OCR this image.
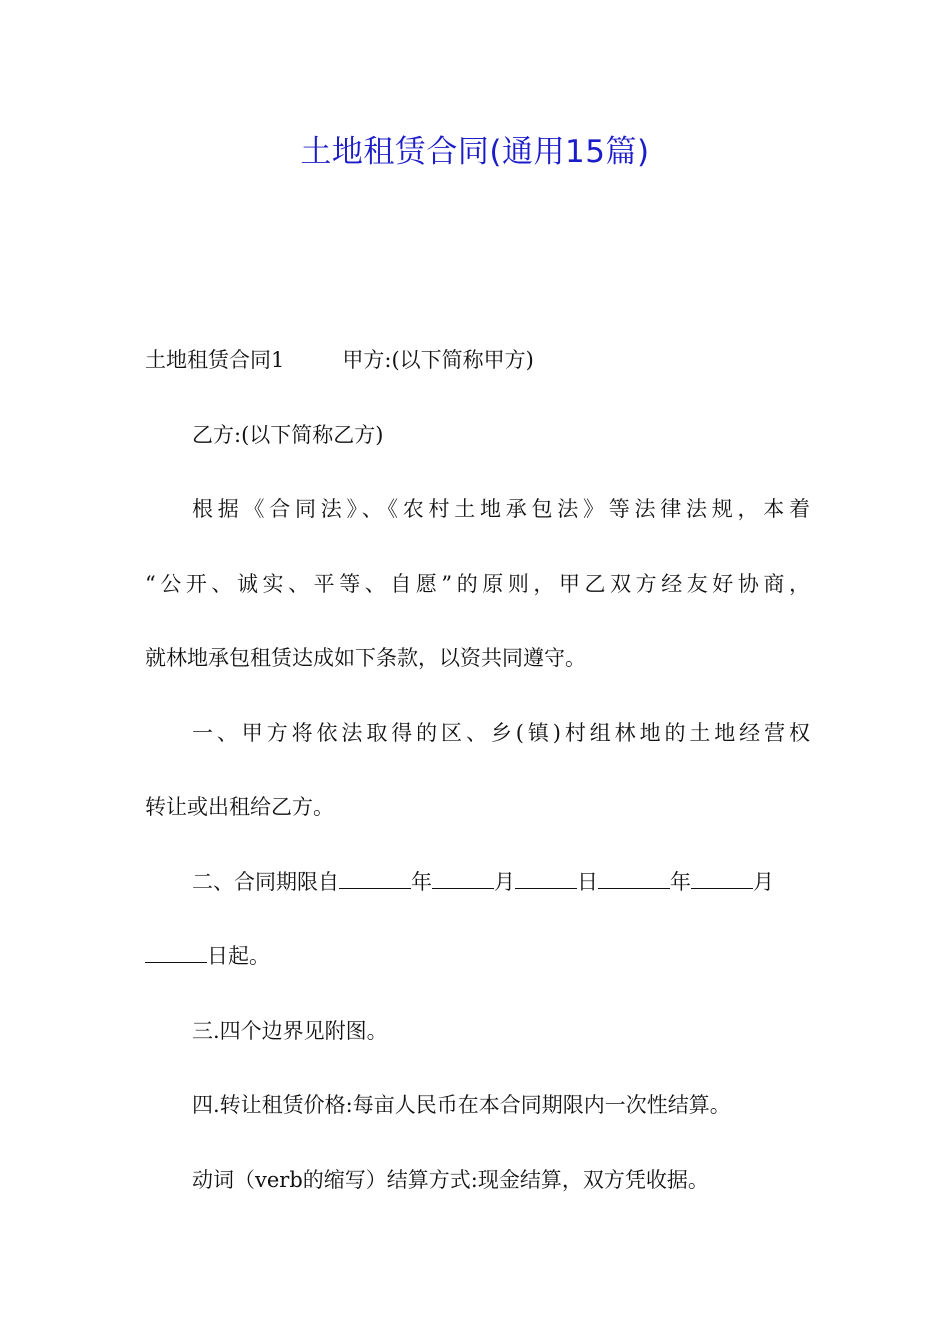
土地租赁合同(通用15篇)
土地租赁合同1	甲方:(以下简称甲方)
乙方:(以下简称乙方)
根据《合同法》、《农村土地承包法》等法律法规，本着
“公开、诚实、平等、自愿”的原则，甲乙双方经友好协商，
就林地承包租赁达成如下条款，以资共同遵守。
一、甲方将依法取得的区、乡(镇)村组林地的土地经营权
转让或出租给乙方。
二、合同期限自	年	月	日	年	月
日起。
三.四个边界见附图。
四.转让租赁价格:每亩人民币在本合同期限内一次性结算。
动词（verb的缩写）结算方式:现金结算，双方凭收据。
